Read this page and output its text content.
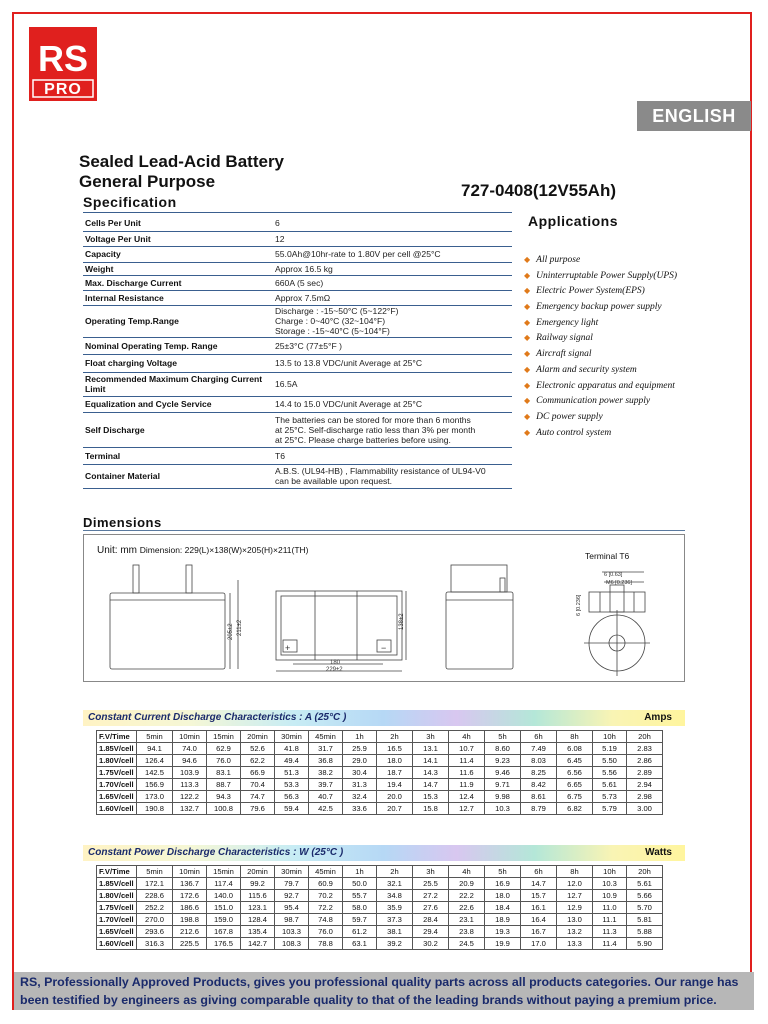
RS
PRO
ENGLISH
Sealed Lead-Acid Battery
General Purpose	727-0408(12V55Ah)
Specification
Cells Per Unit	6

Voltage Per Unit	12

Capacity	55.0Ah@10hr-rate to 1.80V per cell @25°C

Weight	Approx 16.5 kg

Max. Discharge Current	660A (5 sec)

Internal Resistance	Approx 7.5mΩ

Operating Temp.Range	Discharge : -15~50°C (5~122°F)
Charge : 0~40°C (32~104°F)
Storage : -15~40°C (5~104°F)

Nominal Operating Temp. Range	25±3°C (77±5°F )

Float charging Voltage	13.5 to 13.8 VDC/unit Average at 25°C

Recommended Maximum Charging Current Limit	16.5A

Equalization and Cycle Service	14.4 to 15.0 VDC/unit Average at 25°C

Self Discharge	The batteries can be stored for more than 6 months
at 25°C. Self-discharge ratio less than 3% per month
at 25°C. Please charge batteries before using.

Terminal	T6

Container Material	A.B.S. (UL94-HB) , Flammability resistance of UL94-V0
can be available upon request.
Applications
◆ All purpose
◆ Uninterruptable Power Supply(UPS)
◆ Electric Power System(EPS)
◆ Emergency backup power supply
◆ Emergency light
◆ Railway signal
◆ Aircraft signal
◆ Alarm and security system
◆ Electronic apparatus and equipment
◆ Communication power supply
◆ DC power supply
◆ Auto control system
Dimensions
Unit: mm Dimension: 229(L)×138(W)×205(H)×211(TH)
Terminal T6
205±2 211±2	138±2
180
229±2
6 [0.63]
M6 [0.236]
6 [0.236]
+	−
Constant Current Discharge Characteristics : A (25°C )	Amps
F.V/Time	5min	10min	15min	20min	30min	45min	1h	2h	3h	4h	5h	6h	8h	10h	20h
1.85V/cell	94.1	74.0	62.9	52.6	41.8	31.7	25.9	16.5	13.1	10.7	8.60	7.49	6.08	5.19	2.83
1.80V/cell	126.4	94.6	76.0	62.2	49.4	36.8	29.0	18.0	14.1	11.4	9.23	8.03	6.45	5.50	2.86
1.75V/cell	142.5	103.9	83.1	66.9	51.3	38.2	30.4	18.7	14.3	11.6	9.46	8.25	6.56	5.56	2.89
1.70V/cell	156.9	113.3	88.7	70.4	53.3	39.7	31.3	19.4	14.7	11.9	9.71	8.42	6.65	5.61	2.94
1.65V/cell	173.0	122.2	94.3	74.7	56.3	40.7	32.4	20.0	15.3	12.4	9.98	8.61	6.75	5.73	2.98
1.60V/cell	190.8	132.7	100.8	79.6	59.4	42.5	33.6	20.7	15.8	12.7	10.3	8.79	6.82	5.79	3.00
Constant Power Discharge Characteristics : W (25°C )	Watts
F.V/Time	5min	10min	15min	20min	30min	45min	1h	2h	3h	4h	5h	6h	8h	10h	20h
1.85V/cell	172.1	136.7	117.4	99.2	79.7	60.9	50.0	32.1	25.5	20.9	16.9	14.7	12.0	10.3	5.61
1.80V/cell	228.6	172.6	140.0	115.6	92.7	70.2	55.7	34.8	27.2	22.2	18.0	15.7	12.7	10.9	5.66
1.75V/cell	252.2	186.6	151.0	123.1	95.4	72.2	58.0	35.9	27.6	22.6	18.4	16.1	12.9	11.0	5.70
1.70V/cell	270.0	198.8	159.0	128.4	98.7	74.8	59.7	37.3	28.4	23.1	18.9	16.4	13.0	11.1	5.81
1.65V/cell	293.6	212.6	167.8	135.4	103.3	76.0	61.2	38.1	29.4	23.8	19.3	16.7	13.2	11.3	5.88
1.60V/cell	316.3	225.5	176.5	142.7	108.3	78.8	63.1	39.2	30.2	24.5	19.9	17.0	13.3	11.4	5.90
RS, Professionally Approved Products, gives you professional quality parts across all products categories. Our range has
been testified by engineers as giving comparable quality to that of the leading brands without paying a premium price.
